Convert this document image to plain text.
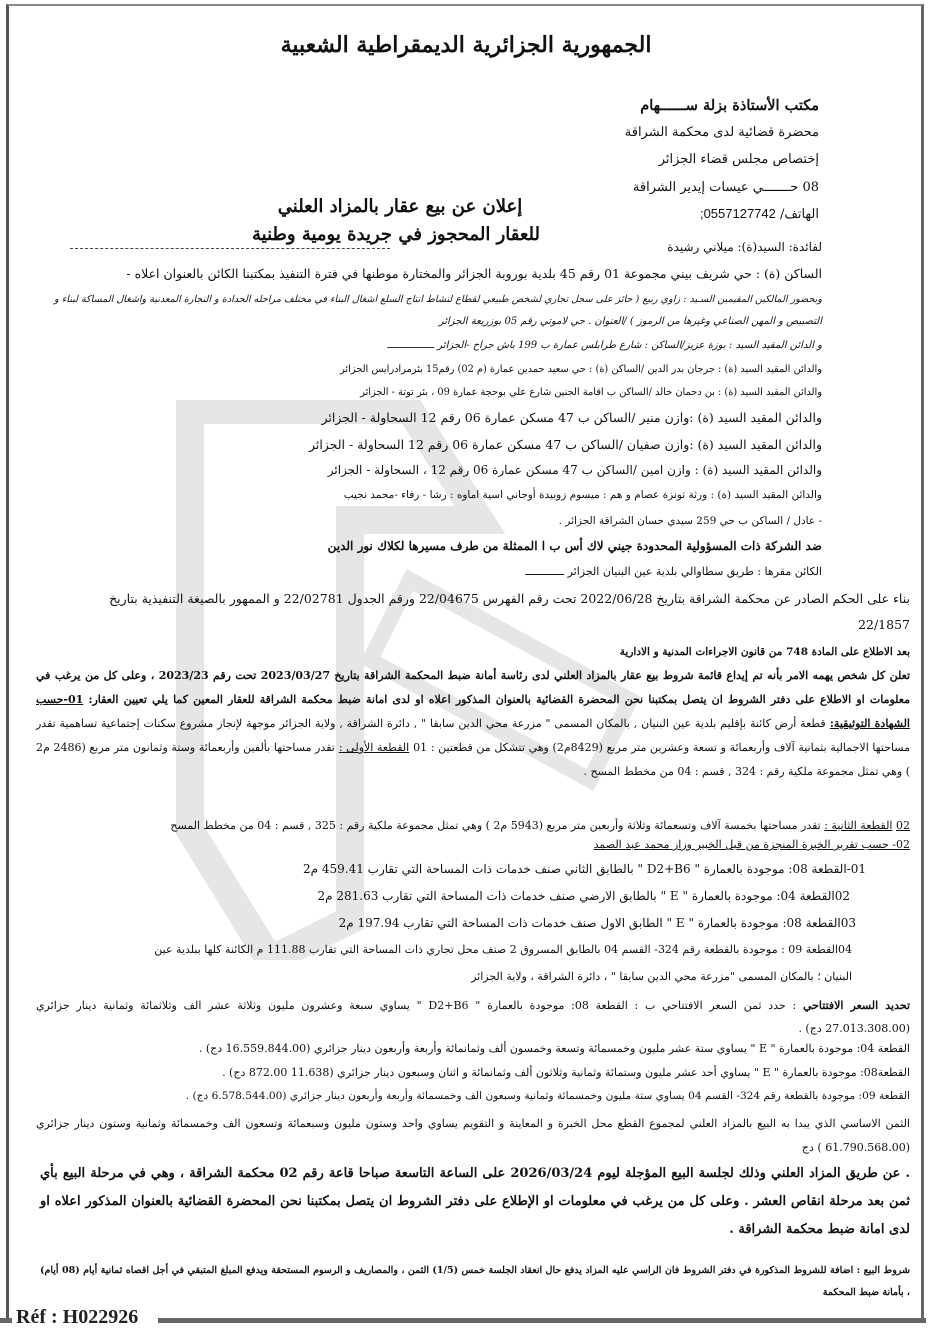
الجمهورية الجزائرية الديمقراطية الشعبية
مكتب الأستاذة بزلة ســــــهام
محضرة قضائية لدى محكمة الشراقة
إختصاص مجلس قضاء الجزائر
08 حـــــــي عيسات إيدير الشراقة
الهاتف/ 0557127742;
إعلان عن بيع عقار بالمزاد العلني
للعقار المحجوز في جريدة يومية وطنية
لفائدة: السيد(ة): ميلاني رشيدة
الساكن (ة) : حي شريف بيني مجموعة 01 رقم 45 بلدية بوروبة الجزائر والمختارة موطنها في فترة التنفيذ بمكتبنا الكائن بالعنوان اعلاه -
وبحضور المالكين المقيمين السـيد : زاوي ربيع ( حائز على سجل تجاري لشخص طبيعي لقطاع لنشاط انتاج السلع اشغال البناء في مختلف مراحله الحدادة و النجارة المعدنية واشغال المساكة لبناء و
التصبيص و المهن الصناعي وغيرها من الرموز ) /العنوان . حي لاموتي رقم 05 بوزريعة الجزائر
و الدائن المقيد السيد : بوزة عزيز/الساكن : شارع طرابلس عمارة ب 199 باش جراح -الجزائر ــــــــــــــــ
والدائن المقيد السيد (ة) : جرجان بدر الدين /الساكن (ة) : حي سعيد حمدين عمارة (م 02) رقم15 بئرمرادرايس الجزائر
والدائن المقيد السيد (ة) : بن دحمان خالد /الساكن ب اقامة الجنين شارع علي بوحجة عمارة 09 ، بئر توتة - الجزائر
والدائن المقيد السيد (ة) :وازن منير /الساكن ب 47 مسكن عمارة 06 رقم 12 السحاولة - الجزائر
والدائن المقيد السيد (ة) :وازن صفيان /الساكن ب 47 مسكن عمارة 06 رقم 12 السحاولة - الجزائر
والدائن المقيد السيد (ة) : وازن امين /الساكن ب 47 مسكن عمارة 06 رقم 12 ، السحاولة - الجزائر
والدائن المقيد السيد (ة) : ورثة تونزة عصام و هم : ميسوم زوبيدة أوجاني اسية اماوه : رشا - رفاء -محمد نجيب
- عادل / الساكن ب حي 259 سيدي حسان الشراقة الجزائر .
ضد الشركة ذات المسؤولية المحدودة جيني لاك أس ب ا الممثلة من طرف مسيرها لكلاك نور الدين
الكائن مقرها : طريق سطاوالي بلدية عين البنيان الجزائر ــــــــــــ
بناء على الحكم الصادر عن محكمة الشراقة بتاريخ 2022/06/28 تحت رقم الفهرس 22/04675 ورقم الجدول 22/02781 و الممهور بالصيغة التنفيذية بتاريخ
22/1857
بعد الاطلاع على المادة 748 من قانون الاجراءات المدنية و الادارية
تعلن كل شخص يهمه الامر بأنه تم إيداع قائمة شروط بيع عقار بالمزاد العلني لدى رئاسة أمانة ضبط المحكمة الشراقة بتاريخ 2023/03/27 تحت رقم 2023/23 ، وعلى كل من يرغب في معلومات او الاطلاع على دفتر الشروط ان يتصل بمكتبنا نحن المحضرة القضائية بالعنوان المذكور اعلاه او لدى امانة ضبط محكمة الشراقة للعقار المعين كما يلي تعيين العقار: 01-حسب الشهادة التوثيقية: قطعة أرض كائنة بإقليم بلدية عين البنيان , بالمكان المسمى " مزرعة محي الدين سابقا " , دائرة الشراقة , ولاية الجزائر موجهة لإنجاز مشروع سكنات إجتماعية تساهمية تقدر مساحتها الاجمالية بثمانية آلاف وأربعمائة و تسعة وعشرين متر مربع (8429م2) وهي تتشكل من قطعتين : 01 القطعة الأولى : تقدر مساحتها بألفين وأربعمائة وستة وثمانون متر مربع (2486 م2 ) وهي تمثل مجموعة ملكية رقم : 324 , قسم : 04 من مخطط المسح .
02 القطعة الثانية : تقدر مساحتها بخمسة آلاف وتسعمائة وثلاثة وأربعين متر مربع (5943 م2 ) وهي تمثل مجموعة ملكية رقم : 325 , قسم : 04 من مخطط المسح
02- حسب تقرير الخبرة المنجزة من قبل الخبير وزاز محمد عبد الصمد
01-القطعة 08: موجودة بالعمارة " D2+B6 " بالطابق الثاني صنف خدمات ذات المساحة التي تقارب 459.41 م2
02القطعة 04: موجودة بالعمارة " E " بالطابق الارضي صنف خدمات ذات المساحة التي تقارب 281.63 م2
03القطعة 08: موجودة بالعمارة " E " الطابق الاول صنف خدمات ذات المساحة التي تقارب 197.94 م2
04القطعة 09 : موجودة بالقطعة رقم 324- القسم 04 بالطابق المسروق 2 صنف محل تجاري ذات المساحة التي تقارب 111.88 م الكائنة كلها ببلدية عين
البنيان ؛ بالمكان المسمى "مزرعة محي الدين سابقا " ، دائرة الشراقة ، ولاية الجزائر
تحديد السعر الافتتاحي : حدد ثمن السعر الافتتاحي ب : القطعة 08: موجودة بالعمارة " D2+B6 " يساوي سبعة وعشرون مليون وثلاثة عشر الف وثلاثمائة وثمانية دينار جزائري (27.013.308.00 دج) .
القطعة 04: موجودة بالعمارة " E " يساوي ستة عشر مليون وخمسمائة وتسعة وخمسون ألف وثمانمائة وأربعة وأربعون دينار جزائري (16.559.844.00 دج) .
القطعة08: موجودة بالعمارة " E " يساوي أحد عشر مليون وستمائة وثمانية وثلاثون ألف وثمانمائة و اثنان وسبعون دينار جزائري (11.638 872.00 دج) .
القطعة 09: موجودة بالقطعة رقم 324- القسم 04 يساوي ستة مليون وخمسمائة وثمانية وسبعون الف وخمسمائة وأربعة وأربعون دينار جزائري (6.578.544.00 دج) .
الثمن الاساسي الذي يبدا به البيع بالمزاد العلني لمجموع القطع محل الخبرة و المعاينة و التقويم يساوي واحد وستون مليون وسبعمائة وتسعون الف وخمسمائة وثمانية وستون دينار جزائري (61.790.568.00 ) دج
. عن طريق المزاد العلني وذلك لجلسة البيع المؤجلة ليوم 2026/03/24 على الساعة التاسعة صباحا قاعة رقم 02 محكمة الشراقة ، وهي في مرحلة البيع بأي ثمن بعد مرحلة انقاص العشر . وعلى كل من يرغب في معلومات او الإطلاع على دفتر الشروط ان يتصل بمكتبنا نحن المحضرة القضائية بالعنوان المذكور اعلاه او لدى امانة ضبط محكمة الشراقة .
شروط البيع : اضافة للشروط المذكورة في دفتر الشروط فان الراسي عليه المزاد يدفع حال انعقاد الجلسة خمس (1/5) الثمن ، والمصاريف و الرسوم المستحقة ويدفع المبلغ المتبقي في أجل اقصاه ثمانية أيام (08 أيام) ، بأمانة ضبط المحكمة
Réf : H022926
